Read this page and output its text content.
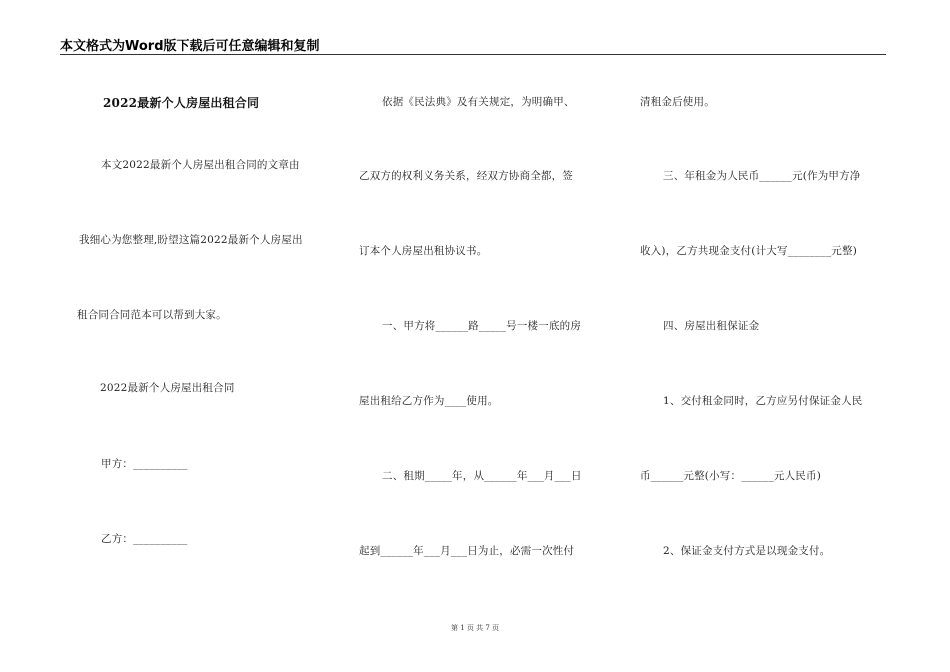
本文格式为Word版下载后可任意编辑和复制
2022最新个人房屋出租合同
本文2022最新个人房屋出租合同的文章由
我细心为您整理,盼望这篇2022最新个人房屋出
租合同合同范本可以帮到大家。
2022最新个人房屋出租合同
甲方：__________
乙方：__________
依据《民法典》及有关规定，为明确甲、
乙双方的权利义务关系，经双方协商全都，签
订本个人房屋出租协议书。
一、甲方将______路_____号一楼一底的房
屋出租给乙方作为____使用。
二、租期_____年，从______年___月___日
起到______年___月___日为止，必需一次性付
清租金后使用。
三、年租金为人民币______元(作为甲方净
收入)，乙方共现金支付(计大写________元整)
四、房屋出租保证金
1、交付租金同时，乙方应另付保证金人民
币______元整(小写：______元人民币)
2、保证金支付方式是以现金支付。
第 1 页 共 7 页
